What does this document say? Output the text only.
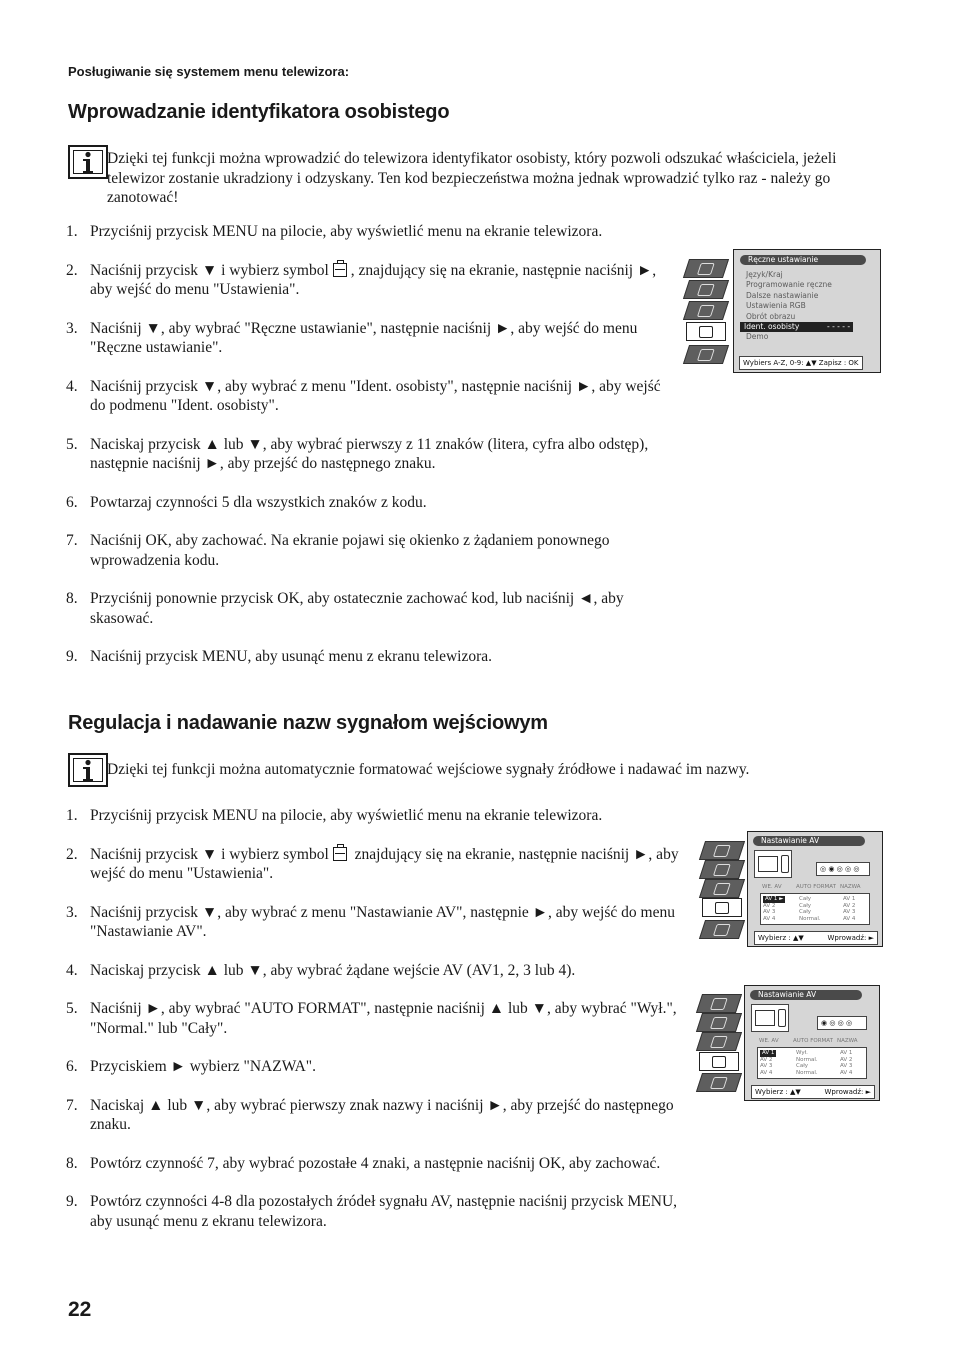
Posługiwanie się systemem menu telewizora:
Wprowadzanie identyfikatora osobistego
Dzięki tej funkcji można wprowadzić do telewizora identyfikator osobisty, który pozwoli odszukać właściciela, jeżeli telewizor zostanie ukradziony i odzyskany. Ten kod bezpieczeństwa można jednak wprowadzić tylko raz - należy go zanotować!
1. Przyciśnij przycisk MENU na pilocie, aby wyświetlić menu na ekranie telewizora.
2. Naciśnij przycisk ▼ i wybierz symbol , znajdujący się na ekranie, następnie naciśnij ►, aby wejść do menu "Ustawienia".
3. Naciśnij ▼, aby wybrać "Ręczne ustawianie", następnie naciśnij ►, aby wejść do menu "Ręczne ustawianie".
4. Naciśnij przycisk ▼, aby wybrać z menu "Ident. osobisty", następnie naciśnij ►, aby wejść do podmenu "Ident. osobisty".
5. Naciskaj przycisk ▲ lub ▼, aby wybrać pierwszy z 11 znaków (litera, cyfra albo odstęp), następnie naciśnij ►, aby przejść do następnego znaku.
6. Powtarzaj czynności 5 dla wszystkich znaków z kodu.
7. Naciśnij OK, aby zachować. Na ekranie pojawi się okienko z żądaniem ponownego wprowadzenia kodu.
8. Przyciśnij ponownie przycisk OK, aby ostatecznie zachować kod, lub naciśnij ◄, aby skasować.
9. Naciśnij przycisk MENU, aby usunąć menu z ekranu telewizora.
Ręczne ustawianie
Język/Kraj
Programowanie ręczne
Dalsze nastawianie
Ustawienia RGB
Obrót obrazu
Ident. osobisty
Demo
- - - - -
Wybiers A-Z, 0-9: ▲▼ Zapisz : OK
Regulacja i nadawanie nazw sygnałom wejściowym
Dzięki tej funkcji można automatycznie formatować wejściowe sygnały źródłowe i nadawać im nazwy.
1. Przyciśnij przycisk MENU na pilocie, aby wyświetlić menu na ekranie telewizora.
2. Naciśnij przycisk ▼ i wybierz symbol znajdujący się na ekranie, następnie naciśnij ►, aby wejść do menu "Ustawienia".
3. Naciśnij przycisk ▼, aby wybrać z menu "Nastawianie AV", następnie ►, aby wejść do menu "Nastawianie AV".
4. Naciskaj przycisk ▲ lub ▼, aby wybrać żądane wejście AV (AV1, 2, 3 lub 4).
5. Naciśnij ►, aby wybrać "AUTO FORMAT", następnie naciśnij ▲ lub ▼, aby wybrać "Wył.", "Normal." lub "Cały".
6. Przyciskiem ► wybierz "NAZWA".
7. Naciskaj ▲ lub ▼, aby wybrać pierwszy znak nazwy i naciśnij ►, aby przejść do następnego znaku.
8. Powtórz czynność 7, aby wybrać pozostałe 4 znaki, a następnie naciśnij OK, aby zachować.
9. Powtórz czynności 4-8 dla pozostałych źródeł sygnału AV, następnie naciśnij przycisk MENU, aby usunąć menu z ekranu telewizora.
Nastawianie AV
◎ ◉ ◎ ◎ ◎
WE. AV	AUTO FORMAT NAZWA
AV 1 ►	Cały	AV 1
AV 2	Cały	AV 2
AV 3	Cały	AV 3
AV 4	Normal.	AV 4
Wybierz : ▲▼	Wprowadź: ►
Nastawianie AV
◉ ◎ ◎ ◎
WE. AV	AUTO FORMAT NAZWA
AV 1	Wył.	AV 1
AV 2	Normal.	AV 2
AV 3	Cały	AV 3
AV 4	Normal.	AV 4
Wybierz : ▲▼	Wprowadź: ►
22
